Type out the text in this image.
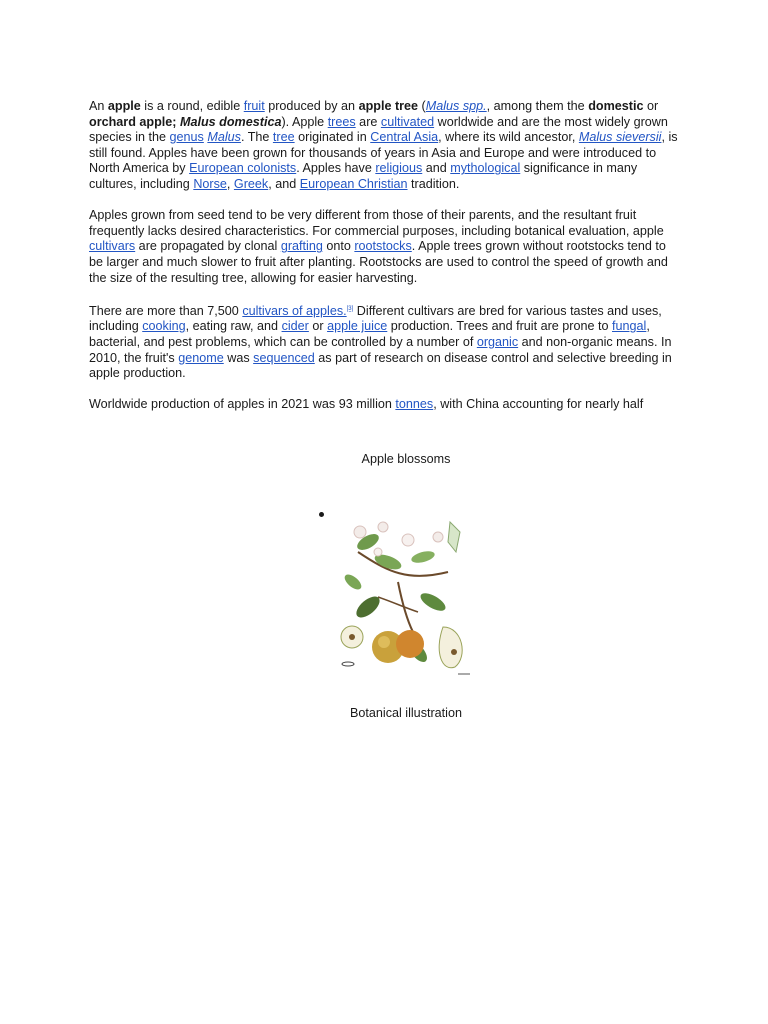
An apple is a round, edible fruit produced by an apple tree (Malus spp., among them the domestic or orchard apple; Malus domestica). Apple trees are cultivated worldwide and are the most widely grown species in the genus Malus. The tree originated in Central Asia, where its wild ancestor, Malus sieversii, is still found. Apples have been grown for thousands of years in Asia and Europe and were introduced to North America by European colonists. Apples have religious and mythological significance in many cultures, including Norse, Greek, and European Christian tradition.

Apples grown from seed tend to be very different from those of their parents, and the resultant fruit frequently lacks desired characteristics. For commercial purposes, including botanical evaluation, apple cultivars are propagated by clonal grafting onto rootstocks. Apple trees grown without rootstocks tend to be larger and much slower to fruit after planting. Rootstocks are used to control the speed of growth and the size of the resulting tree, allowing for easier harvesting.

There are more than 7,500 cultivars of apples.[3] Different cultivars are bred for various tastes and uses, including cooking, eating raw, and cider or apple juice production. Trees and fruit are prone to fungal, bacterial, and pest problems, which can be controlled by a number of organic and non-organic means. In 2010, the fruit's genome was sequenced as part of research on disease control and selective breeding in apple production.

Worldwide production of apples in 2021 was 93 million tonnes, with China accounting for nearly half

Apple blossoms
Botanical illustration
